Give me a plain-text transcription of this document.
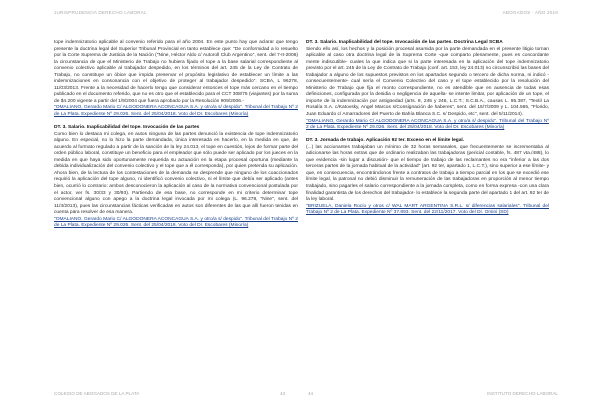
JURISPRUDENCIA DERECHO LABORAL	ABOGADOS · AÑO 2019

tope indemnizatorio aplicable al convenio referido para el año 2004. En este punto hay que aclarar que tengo presente la doctrina legal del Superior Tribunal Provincial en tanto establece que: "De conformidad a lo resuelto por la Corte Suprema de Justicia de la Nación ("Nine, Héctor Aldo c/ Autoroll Club Argentino", sent. del 7-II-2006) la circunstancia de que el Ministerio de Trabajo no hubiera fijado el tope a la base salarial correspondiente al convenio colectivo aplicable al trabajador despedido, en los términos del art. 245 de la Ley de Contrato de Trabajo, no constituye un óbice que impida preservar el propósito legislativo de establecer un límite a las indemnizaciones en consonancia con el objetivo de proteger al trabajador despedido". SCBA, L 96278, 11/03/2013. Frente a la necesidad de hacerlo tengo que considerar entonces el tope más cercano en el tiempo publicado en el documento referido, que no es otro que el establecido para el CCT 308/75 (viajantes) por la suma de $4.200 vigente a partir del 1/9/2004 que fuera aprobado por la Resolución 909/2006.-

"OMALIANO, Gerardo Mario C/ ALGODONERA ACONCAGUA S.A. y otro/a s/ despido". Tribunal del Trabajo Nº 2 de La Plata. Expediente Nº 29.026. Sent. del 25/04/2018. Voto del Dr. Escobares (Minoría)

DT. 3. Salario. Inaplicabilidad del tope. Invocación de las partes

Como bien lo destaca mi colega, en autos ninguna de las partes denunció la existencia de tope indemnizatorio alguno. En especial, no lo hizo la parte demandada, única interesada en hacerlo, en la medida en que, de acuerdo al formato regulado a partir de la sanción de la ley 24.013, el tope en cuestión, lejos de formar parte del orden público laboral, constituye un beneficio para el empleador que sólo puede ser aplicado por los jueces en la medida en que haya sido oportunamente requerida su actuación en la etapa procesal oportuna (mediante la debida individualización del convenio colectivo y el tope que a él corresponda), por quien pretenda su aplicación. Ahora bien, de la lectura de los contestaciones de la demanda se desprende que ninguno de los coaccionados requirió la aplicación del tope alguno, ni identificó convenio colectivo, ni el límite que debía ser aplicado (antes bien, ocurrió lo contrario: ambos desconocieron la aplicación al caso de la normativa convencional postulada por el actor, ver fs. 30/33 y 30/93). Partiendo de esa base, no corresponde en mi criterio determinar tope convencional alguno con apego a la doctrina legal invocada por mi colega (L. 96.278, "Nine", sent. del 11/3/2013), pues las circunstancias fácticas verificadas en autos son diferentes de las que allí fueron tenidas en cuenta para resolver de esa manera.

"OMALIANO, Gerardo Mario C/ ALGODONERA ACONCAGUA S.A. y otro/a s/ despido". Tribunal del Trabajo Nº 2 de La Plata. Expediente Nº 29.026. Sent. del 25/04/2018. Voto del Dr. Escobares (Minoría)

DT. 3. Salario. Inaplicabilidad del tope. Invocación de las partes. Doctrina Legal SCBA

Siendo ello así, los hechos y la posición procesal asumida por la parte demandada en el presente litigio tornan aplicable al caso otra doctrina legal de la Suprema Corte -que comparto plenamente, pues es concordante mente indiscutible- cuales la que indica que si la parte interesada en la aplicación del tope indemnizatorio previsto por el art. 245 de la Ley de Contrato de Trabajo (conf. art. 153, ley 24.013) no circunscribió las bases del trabajador a alguno de los supuestos previstos en los apartados segundo o tercero de dicha norma, ni indicó -consecuentemente- cual sería el Convenio Colectivo del caso y el tope establecido por la resolución del Ministerio de Trabajo que fija el monto correspondiente, no es atendible que en ausencia de todas esas definiciones, configurada por la desidia o negligencia de aquella- se intente limitar, por aplicación de un tope, el importe de la indemnización por antigüedad (arts. 8, 245 y 246, L.C.T.; S.C.B.A., causas L. 95.387, "Textil La Rosalía S.A. c/Katovsky, Angel Marcos s/Consignación de haberes", sent. del 15/7/2009 y L. 104.565, "Florido, Juan Eduardo c/ Amarradores del Puerto de Bahía Blanca S.C. s/ Despido, etc", sent. del 5/11/2014).

"OMALIANO, Gerardo Mario C/ ALGODONERA ACONCAGUA S.A. y otro/a s/ despido". Tribunal del Trabajo Nº 2 de La Plata. Expediente Nº 29.026. Sent. del 25/04/2018. Voto del Dr. Escobares (Minoría)

DT. 3. Jornada de trabajo. Aplicación 92 ter. Exceso en el límite legal.

(...) las accionantes trabajaban un mínimo de 32 horas semanales, que frecuentemente se incrementaba al adicionarse las horas extras que de ordinario realizaban las trabajadoras (pericial contable, fs. 487 vta./488), lo que evidencia -sin lugar a discusión- que el tiempo de trabajo de las reclamantes no era "inferior a las dos terceras partes de la jornada habitual de la actividad" (art. 92 ter, apartado 1, L.C.T.), sino superior a ese límite- y que, en consecuencia, encontrándonos frente a contratos de trabajo a tiempo parcial en los que se excedió ese límite legal, la patronal no debió disminuir la remuneración de las trabajadoras en proporción al menor tiempo trabajado, sino pagarles el salario correspondiente a la jornada completa, como en forma expresa -con una clara finalidad garantista de los derechos del trabajador- lo establece la segunda parte del apartado 1 del art. 92 ter de la ley laboral.

"BRIZUELA, Daniela Rocío y otros c/ WAL MART ARGENTINA S.R.L. s/ diferencias salariales". Tribunal del Trabajo Nº 2 de La Plata. Expediente Nº 37.893. Sent. del 22/11/2017. Voto del Dr. Orsini (SD)

COLEGIO DE ABOGADOS DE LA PLATA	43	44	INSTITUTO DERECHO LABORAL
